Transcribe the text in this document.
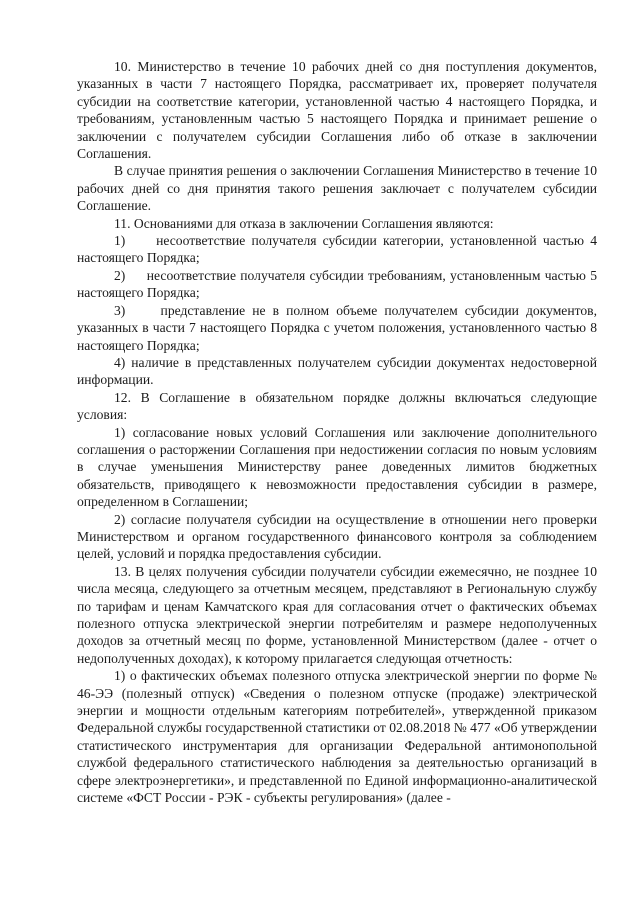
10. Министерство в течение 10 рабочих дней со дня поступления документов, указанных в части 7 настоящего Порядка, рассматривает их, проверяет получателя субсидии на соответствие категории, установленной частью 4 настоящего Порядка, и требованиям, установленным частью 5 настоящего Порядка и принимает решение о заключении с получателем субсидии Соглашения либо об отказе в заключении Соглашения.

В случае принятия решения о заключении Соглашения Министерство в течение 10 рабочих дней со дня принятия такого решения заключает с получателем субсидии Соглашение.

11. Основаниями для отказа в заключении Соглашения являются:

1)     несоответствие получателя субсидии категории, установленной частью 4 настоящего Порядка;

2)     несоответствие получателя субсидии требованиям, установленным частью 5 настоящего Порядка;

3)     представление не в полном объеме получателем субсидии документов, указанных в части 7 настоящего Порядка с учетом положения, установленного частью 8 настоящего Порядка;

4) наличие в представленных получателем субсидии документах недостоверной информации.

12. В Соглашение в обязательном порядке должны включаться следующие условия:

1) согласование новых условий Соглашения или заключение дополнительного соглашения о расторжении Соглашения при недостижении согласия по новым условиям в случае уменьшения Министерству ранее доведенных лимитов бюджетных обязательств, приводящего к невозможности предоставления субсидии в размере, определенном в Соглашении;

2) согласие получателя субсидии на осуществление в отношении него проверки Министерством и органом государственного финансового контроля за соблюдением целей, условий и порядка предоставления субсидии.

13. В целях получения субсидии получатели субсидии ежемесячно, не позднее 10 числа месяца, следующего за отчетным месяцем, представляют в Региональную службу по тарифам и ценам Камчатского края для согласования отчет о фактических объемах полезного отпуска электрической энергии потребителям и размере недополученных доходов за отчетный месяц по форме, установленной Министерством (далее - отчет о недополученных доходах), к которому прилагается следующая отчетность:

1) о фактических объемах полезного отпуска электрической энергии по форме № 46-ЭЭ (полезный отпуск) «Сведения о полезном отпуске (продаже) электрической энергии и мощности отдельным категориям потребителей», утвержденной приказом Федеральной службы государственной статистики от 02.08.2018 № 477 «Об утверждении статистического инструментария для организации Федеральной антимонопольной службой федерального статистического наблюдения за деятельностью организаций в сфере электроэнергетики», и представленной по Единой информационно-аналитической системе «ФСТ России - РЭК - субъекты регулирования» (далее -
